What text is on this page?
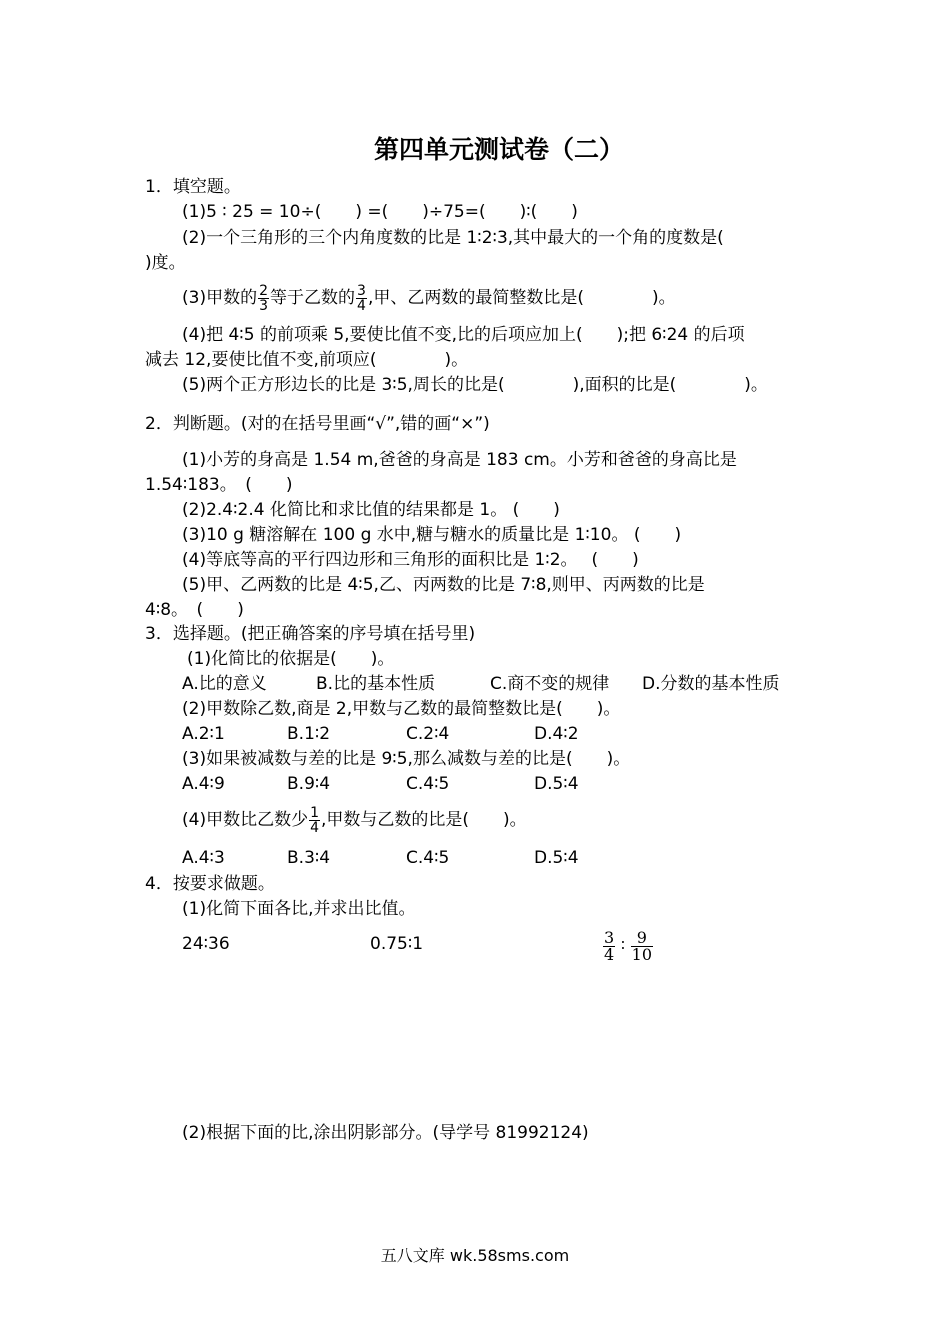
第四单元测试卷（二）
1．填空题。
(1)5 ∶ 25 = 10÷(　　) =(　　)÷75=(　　)∶(　　)
(2)一个三角形的三个内角度数的比是 1∶2∶3,其中最大的一个角的度数是(
)度。
(3)甲数的 $\frac{2}{3}$ 等于乙数的 $\frac{3}{4}$ ,甲、乙两数的最简整数比是(　　　　)。
(4)把 4∶5 的前项乘 5,要使比值不变,比的后项应加上(　　);把 6∶24 的后项
减去 12,要使比值不变,前项应(　　　　)。
(5)两个正方形边长的比是 3∶5,周长的比是(　　　　),面积的比是(　　　　)。
2．判断题。(对的在括号里画“√”,错的画“×”)
(1)小芳的身高是 1.54 m,爸爸的身高是 183 cm。小芳和爸爸的身高比是
1.54∶183。　(　　)
(2)2.4∶2.4 化简比和求比值的结果都是 1。 (　　)
(3)10 g 糖溶解在 100 g 水中,糖与糖水的质量比是 1∶10。 (　　)
(4)等底等高的平行四边形和三角形的面积比是 1∶2。　 (　　)
(5)甲、乙两数的比是 4∶5,乙、丙两数的比是 7∶8,则甲、丙两数的比是
4∶8。　(　　)
3．选择题。(把正确答案的序号填在括号里)
(1)化简比的依据是(　　)。
A.比的意义	B.比的基本性质	C.商不变的规律 D.分数的基本性质
(2)甲数除乙数,商是 2,甲数与乙数的最简整数比是(　　)。
A.2∶1	B.1∶2	C.2∶4	D.4∶2
(3)如果被减数与差的比是 9∶5,那么减数与差的比是(　　)。
A.4∶9	B.9∶4	C.4∶5	D.5∶4
(4)甲数比乙数少 $\frac{1}{4}$ ,甲数与乙数的比是(　　)。
A.4∶3	B.3∶4	C.4∶5	D.5∶4
4．按要求做题。
(1)化简下面各比,并求出比值。
24∶36	0.75∶1	$\frac{3}{4}$ ∶ $\frac{9}{10}$
(2)根据下面的比,涂出阴影部分。(导学号 81992124)
五八文库 wk.58sms.com
